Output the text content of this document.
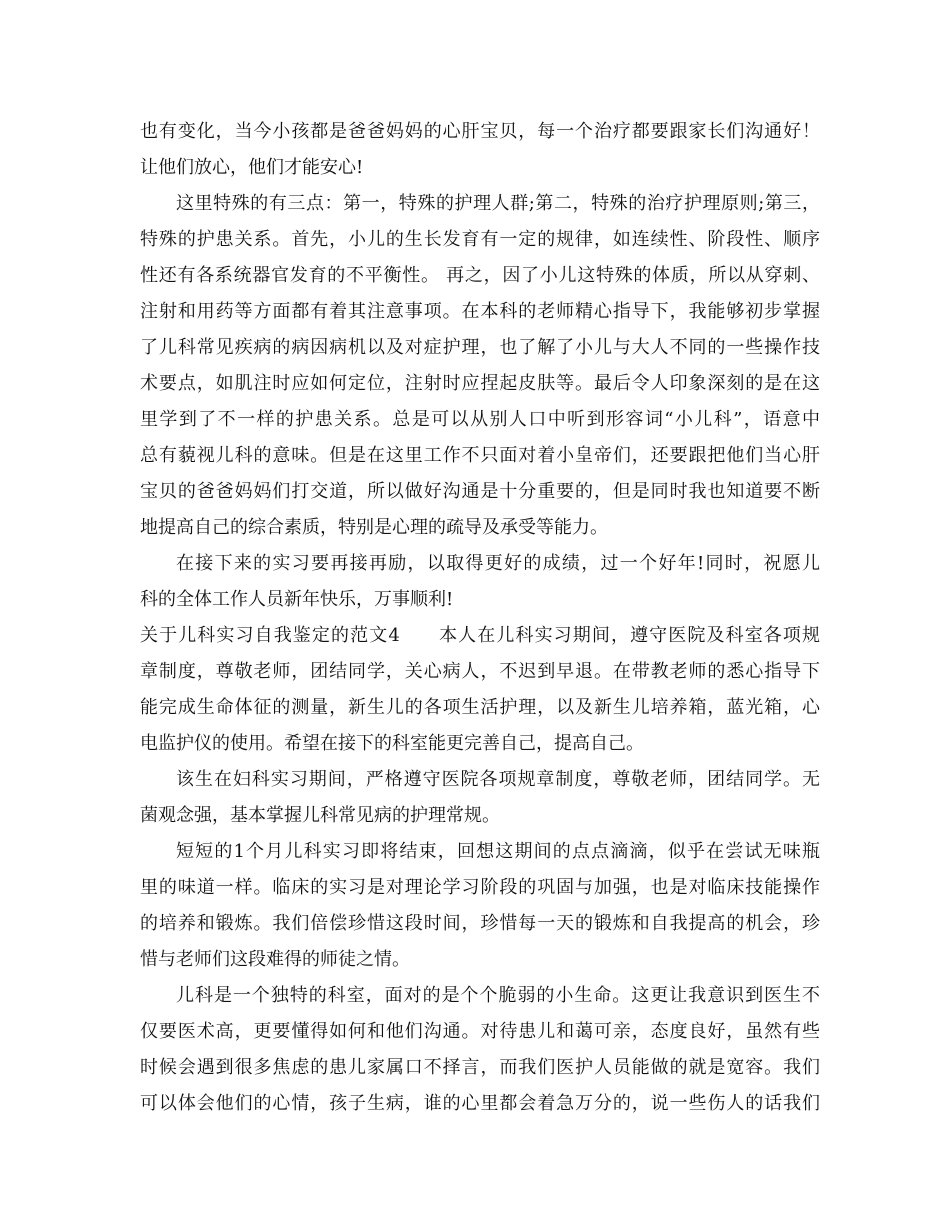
也有变化，当今小孩都是爸爸妈妈的心肝宝贝，每一个治疗都要跟家长们沟通好！
让他们放心，他们才能安心!
这里特殊的有三点：第一，特殊的护理人群;第二，特殊的治疗护理原则;第三，
特殊的护患关系。首先，小儿的生长发育有一定的规律，如连续性、阶段性、顺序
性还有各系统器官发育的不平衡性。 再之，因了小儿这特殊的体质，所以从穿刺、
注射和用药等方面都有着其注意事项。在本科的老师精心指导下，我能够初步掌握
了儿科常见疾病的病因病机以及对症护理，也了解了小儿与大人不同的一些操作技
术要点，如肌注时应如何定位，注射时应捏起皮肤等。最后令人印象深刻的是在这
里学到了不一样的护患关系。总是可以从别人口中听到形容词“小儿科”，语意中
总有藐视儿科的意味。但是在这里工作不只面对着小皇帝们，还要跟把他们当心肝
宝贝的爸爸妈妈们打交道，所以做好沟通是十分重要的，但是同时我也知道要不断
地提高自己的综合素质，特别是心理的疏导及承受等能力。
在接下来的实习要再接再励，以取得更好的成绩，过一个好年!同时，祝愿儿
科的全体工作人员新年快乐，万事顺利!
关于儿科实习自我鉴定的范文4　　本人在儿科实习期间，遵守医院及科室各项规
章制度，尊敬老师，团结同学，关心病人，不迟到早退。在带教老师的悉心指导下
能完成生命体征的测量，新生儿的各项生活护理，以及新生儿培养箱，蓝光箱，心
电监护仪的使用。希望在接下的科室能更完善自己，提高自己。
该生在妇科实习期间，严格遵守医院各项规章制度，尊敬老师，团结同学。无
菌观念强，基本掌握儿科常见病的护理常规。
短短的1个月儿科实习即将结束，回想这期间的点点滴滴，似乎在尝试无味瓶
里的味道一样。临床的实习是对理论学习阶段的巩固与加强，也是对临床技能操作
的培养和锻炼。我们倍偿珍惜这段时间，珍惜每一天的锻炼和自我提高的机会，珍
惜与老师们这段难得的师徒之情。
儿科是一个独特的科室，面对的是个个脆弱的小生命。这更让我意识到医生不
仅要医术高，更要懂得如何和他们沟通。对待患儿和蔼可亲，态度良好，虽然有些
时候会遇到很多焦虑的患儿家属口不择言，而我们医护人员能做的就是宽容。我们
可以体会他们的心情，孩子生病，谁的心里都会着急万分的，说一些伤人的话我们
